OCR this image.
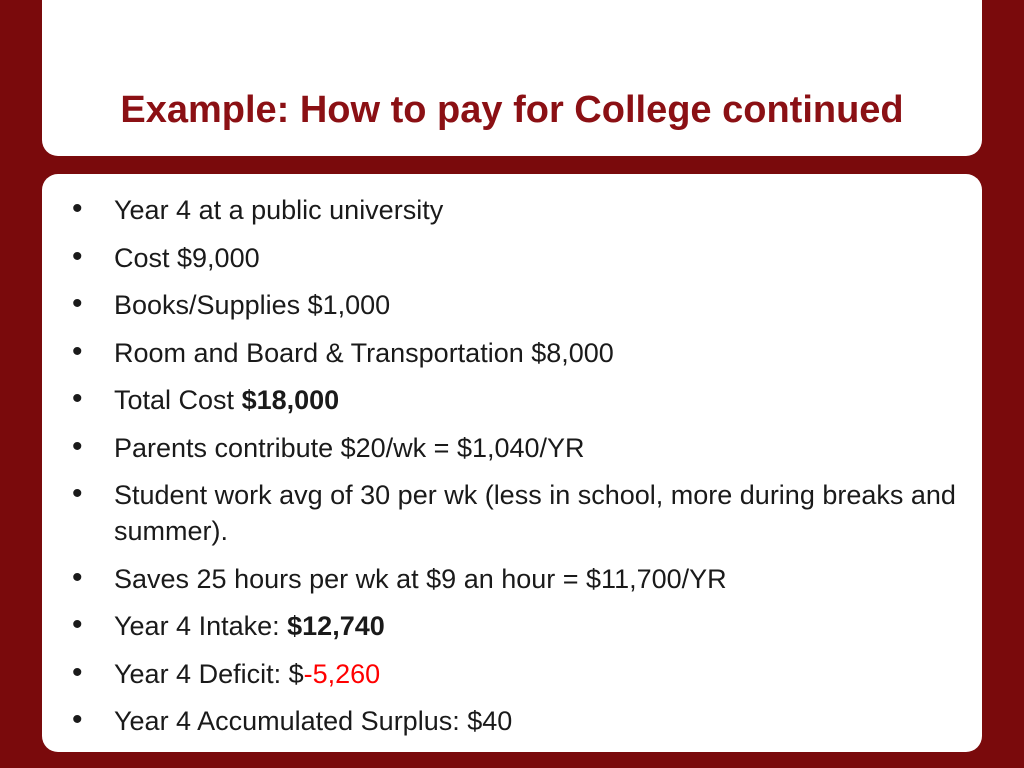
Example: How to pay for College continued
• Year 4 at a public university
• Cost $9,000
• Books/Supplies $1,000
• Room and Board & Transportation $8,000
• Total Cost $18,000
• Parents contribute $20/wk = $1,040/YR
• Student work avg of 30 per wk (less in school, more during breaks and summer).
• Saves 25 hours per wk at $9 an hour = $11,700/YR
• Year 4 Intake: $12,740
• Year 4 Deficit: $-5,260
• Year 4 Accumulated Surplus: $40
